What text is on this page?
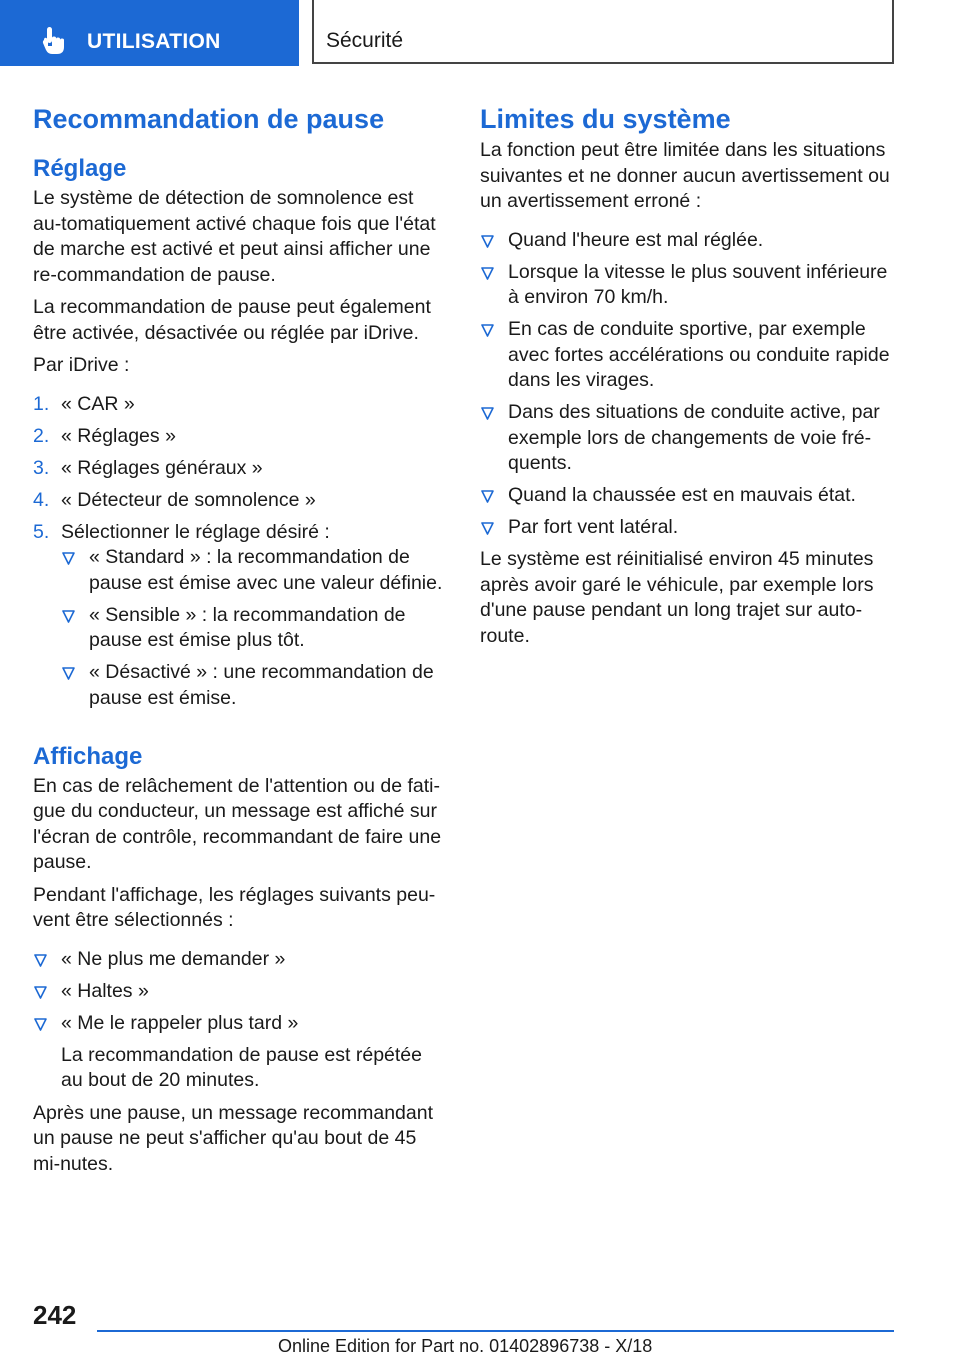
UTILISATION	Sécurité
Recommandation de pause
Réglage

Le système de détection de somnolence est au-tomatiquement activé chaque fois que l'état de marche est activé et peut ainsi afficher une re-commandation de pause.

La recommandation de pause peut également être activée, désactivée ou réglée par iDrive.

Par iDrive :

1. « CAR »
2. « Réglages »
3. « Réglages généraux »
4. « Détecteur de somnolence »
5. Sélectionner le réglage désiré :
« Standard » : la recommandation de pause est émise avec une valeur définie.
« Sensible » : la recommandation de pause est émise plus tôt.
« Désactivé » : une recommandation de pause est émise.
Affichage

En cas de relâchement de l'attention ou de fati-gue du conducteur, un message est affiché sur l'écran de contrôle, recommandant de faire une pause.

Pendant l'affichage, les réglages suivants peu-vent être sélectionnés :

« Ne plus me demander »
« Haltes »
« Me le rappeler plus tard »

La recommandation de pause est répétée au bout de 20 minutes.

Après une pause, un message recommandant un pause ne peut s'afficher qu'au bout de 45 mi-nutes.

Limites du système

La fonction peut être limitée dans les situations suivantes et ne donner aucun avertissement ou un avertissement erroné :

Quand l'heure est mal réglée.
Lorsque la vitesse le plus souvent inférieure à environ 70 km/h.
En cas de conduite sportive, par exemple avec fortes accélérations ou conduite rapide dans les virages.
Dans des situations de conduite active, par exemple lors de changements de voie fré-quents.
Quand la chaussée est en mauvais état.
Par fort vent latéral.

Le système est réinitialisé environ 45 minutes après avoir garé le véhicule, par exemple lors d'une pause pendant un long trajet sur auto-route.

242
Online Edition for Part no. 01402896738 - X/18
